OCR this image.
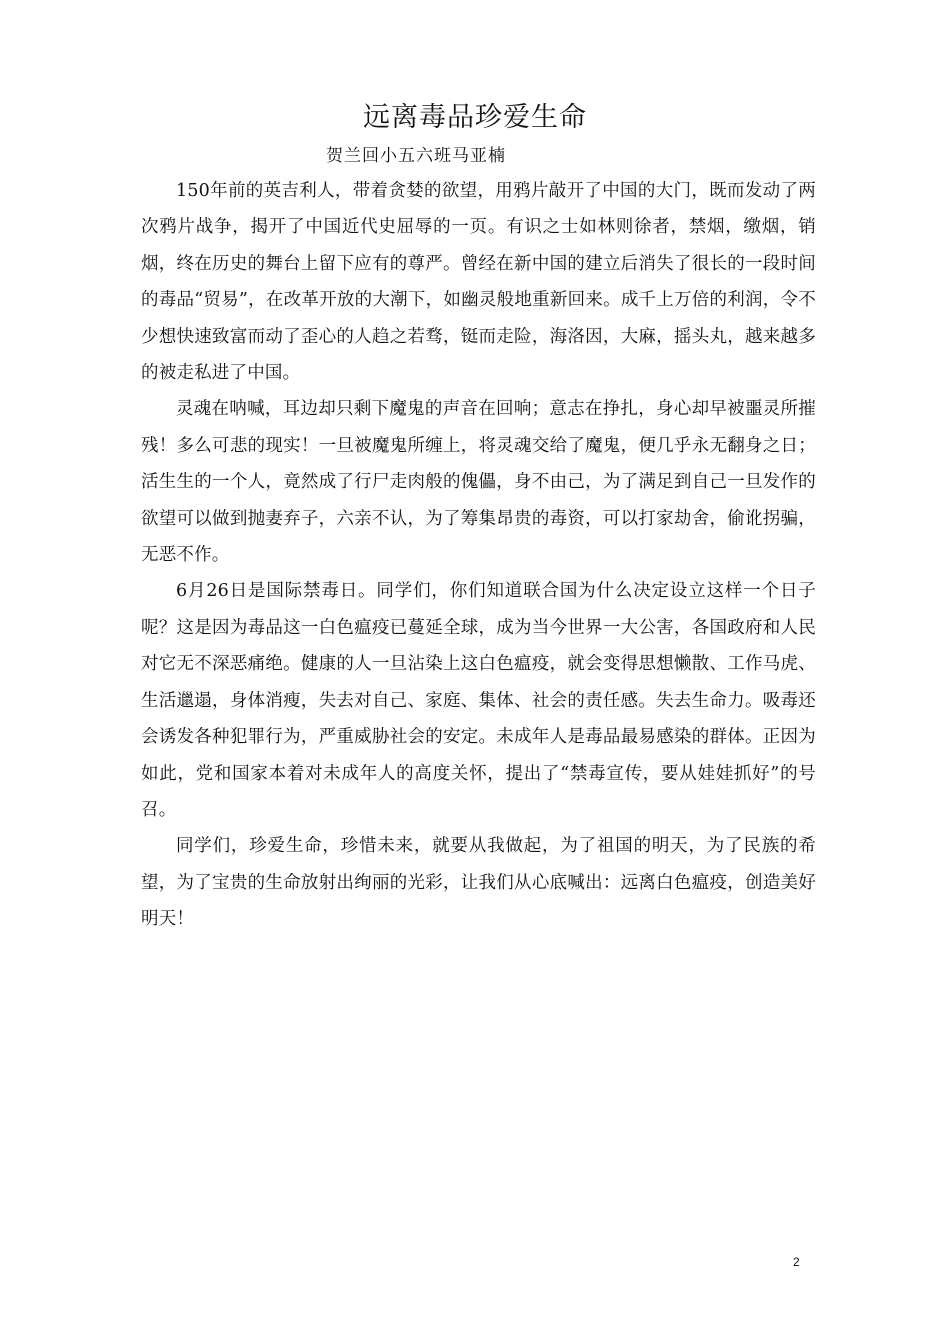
远离毒品珍爱生命
贺兰回小五六班马亚楠

150年前的英吉利人，带着贪婪的欲望，用鸦片敲开了中国的大门，既而发动了两次鸦片战争，揭开了中国近代史屈辱的一页。有识之士如林则徐者，禁烟，缴烟，销烟，终在历史的舞台上留下应有的尊严。曾经在新中国的建立后消失了很长的一段时间的毒品“贸易”，在改革开放的大潮下，如幽灵般地重新回来。成千上万倍的利润，令不少想快速致富而动了歪心的人趋之若骛，铤而走险，海洛因，大麻，摇头丸，越来越多的被走私进了中国。

灵魂在呐喊，耳边却只剩下魔鬼的声音在回响；意志在挣扎，身心却早被噩灵所摧残！多么可悲的现实！一旦被魔鬼所缠上，将灵魂交给了魔鬼，便几乎永无翻身之日；活生生的一个人，竟然成了行尸走肉般的傀儡，身不由己，为了满足到自己一旦发作的欲望可以做到抛妻弃子，六亲不认，为了筹集昂贵的毒资，可以打家劫舍，偷讹拐骗，无恶不作。

6月26日是国际禁毒日。同学们，你们知道联合国为什么决定设立这样一个日子呢？这是因为毒品这一白色瘟疫已蔓延全球，成为当今世界一大公害，各国政府和人民对它无不深恶痛绝。健康的人一旦沾染上这白色瘟疫，就会变得思想懒散、工作马虎、生活邋遢，身体消瘦，失去对自己、家庭、集体、社会的责任感。失去生命力。吸毒还会诱发各种犯罪行为，严重威胁社会的安定。未成年人是毒品最易感染的群体。正因为如此，党和国家本着对未成年人的高度关怀，提出了“禁毒宣传，要从娃娃抓好”的号召。

同学们，珍爱生命，珍惜未来，就要从我做起，为了祖国的明天，为了民族的希望，为了宝贵的生命放射出绚丽的光彩，让我们从心底喊出：远离白色瘟疫，创造美好明天！

2
